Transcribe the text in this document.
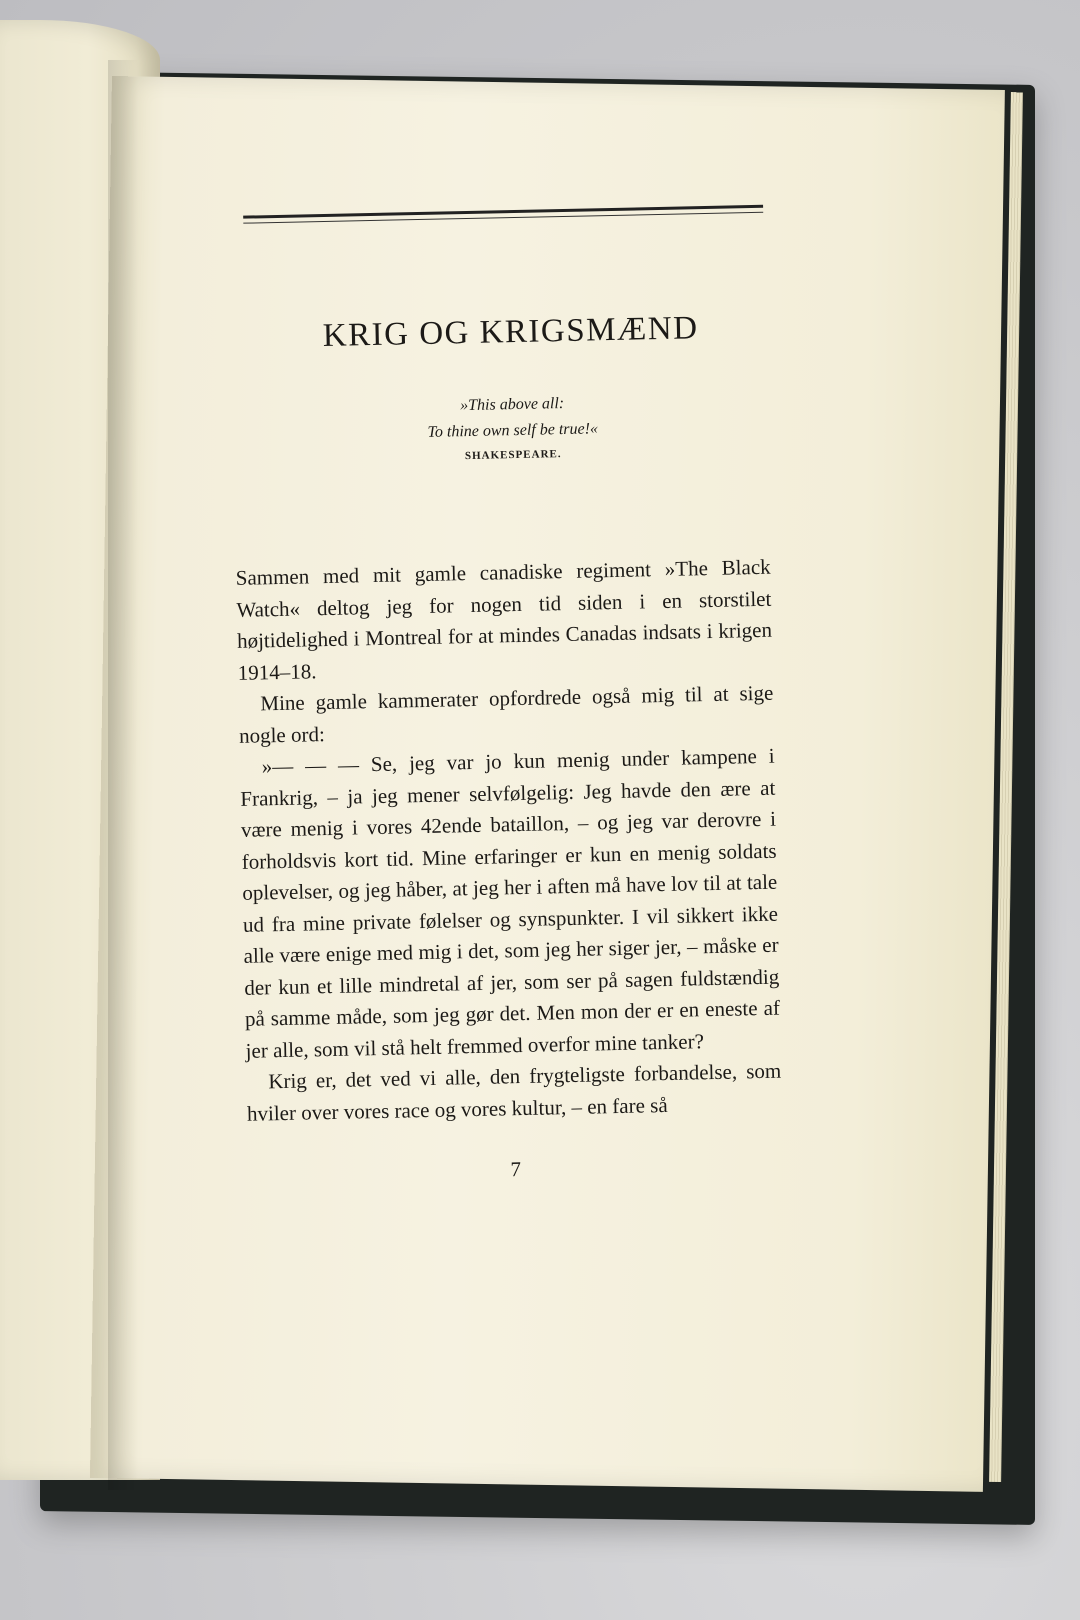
KRIG OG KRIGSMÆND
»This above all:
To thine own self be true!«
SHAKESPEARE.

Sammen med mit gamle canadiske regiment »The Black Watch« deltog jeg for nogen tid siden i en storstilet højtidelighed i Montreal for at mindes Canadas indsats i krigen 1914–18.

Mine gamle kammerater opfordrede også mig til at sige nogle ord:

»— — — Se, jeg var jo kun menig under kampene i Frankrig, – ja jeg mener selvfølgelig: Jeg havde den ære at være menig i vores 42ende bataillon, – og jeg var derovre i forholdsvis kort tid. Mine erfaringer er kun en menig soldats oplevelser, og jeg håber, at jeg her i aften må have lov til at tale ud fra mine private følelser og synspunkter. I vil sikkert ikke alle være enige med mig i det, som jeg her siger jer, – måske er der kun et lille mindretal af jer, som ser på sagen fuldstændig på samme måde, som jeg gør det. Men mon der er en eneste af jer alle, som vil stå helt fremmed overfor mine tanker?

Krig er, det ved vi alle, den frygteligste forbandelse, som hviler over vores race og vores kultur, – en fare så

7
